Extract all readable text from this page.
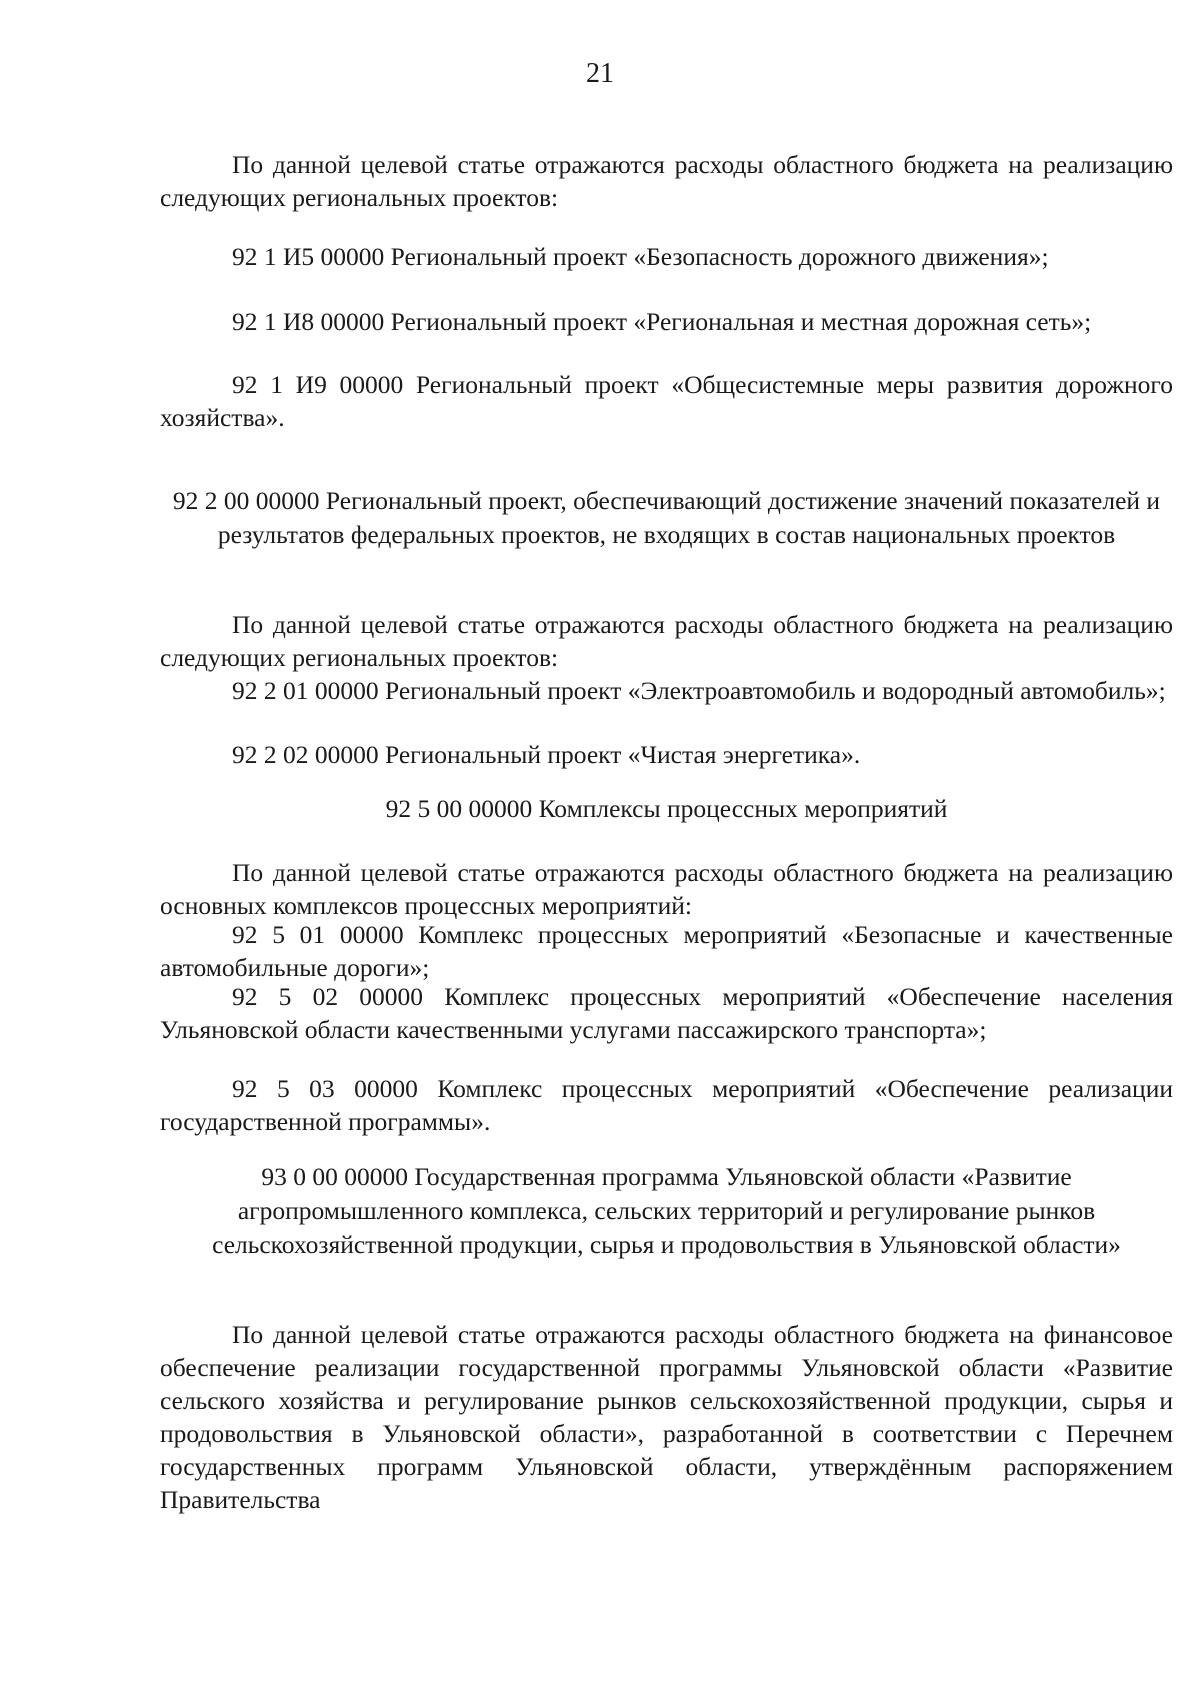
21

По данной целевой статье отражаются расходы областного бюджета на реализацию следующих региональных проектов:

92 1 И5 00000 Региональный проект «Безопасность дорожного движения»;

92 1 И8 00000 Региональный проект «Региональная и местная дорожная сеть»;

92 1 И9 00000 Региональный проект «Общесистемные меры развития дорожного хозяйства».

92 2 00 00000 Региональный проект, обеспечивающий достижение значений показателей и результатов федеральных проектов, не входящих в состав национальных проектов

По данной целевой статье отражаются расходы областного бюджета на реализацию следующих региональных проектов:

92 2 01 00000 Региональный проект «Электроавтомобиль и водородный автомобиль»;

92 2 02 00000 Региональный проект «Чистая энергетика».

92 5 00 00000 Комплексы процессных мероприятий

По данной целевой статье отражаются расходы областного бюджета на реализацию основных комплексов процессных мероприятий:

92 5 01 00000 Комплекс процессных мероприятий «Безопасные и качественные автомобильные дороги»;

92 5 02 00000 Комплекс процессных мероприятий «Обеспечение населения Ульяновской области качественными услугами пассажирского транспорта»;

92 5 03 00000 Комплекс процессных мероприятий «Обеспечение реализации государственной программы».

93 0 00 00000 Государственная программа Ульяновской области «Развитие агропромышленного комплекса, сельских территорий и регулирование рынков сельскохозяйственной продукции, сырья и продовольствия в Ульяновской области»

По данной целевой статье отражаются расходы областного бюджета на финансовое обеспечение реализации государственной программы Ульяновской области «Развитие сельского хозяйства и регулирование рынков сельскохозяйственной продукции, сырья и продовольствия в Ульяновской области», разработанной в соответствии с Перечнем государственных программ Ульяновской области, утверждённым распоряжением Правительства
